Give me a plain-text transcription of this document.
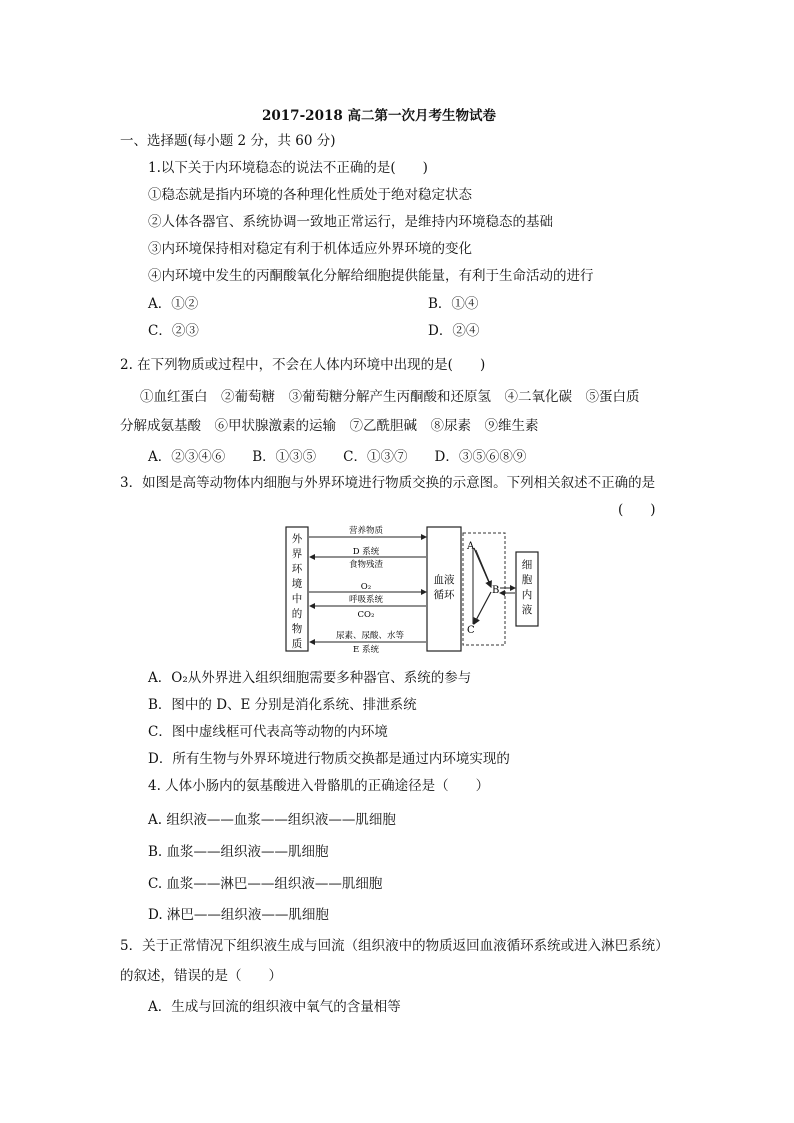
2017-2018 高二第一次月考生物试卷
一、选择题(每小题 2 分，共 60 分)
1.以下关于内环境稳态的说法不正确的是(　　)
①稳态就是指内环境的各种理化性质处于绝对稳定状态
②人体各器官、系统协调一致地正常运行，是维持内环境稳态的基础
③内环境保持相对稳定有利于机体适应外界环境的变化
④内环境中发生的丙酮酸氧化分解给细胞提供能量，有利于生命活动的进行
A．①②	B．①④
C．②③	D．②④
2. 在下列物质或过程中，不会在人体内环境中出现的是(　　)
①血红蛋白　②葡萄糖　③葡萄糖分解产生丙酮酸和还原氢　④二氧化碳　⑤蛋白质
分解成氨基酸　⑥甲状腺激素的运输　⑦乙酰胆碱　⑧尿素　⑨维生素
A．②③④⑥　　B．①③⑤　　C．①③⑦　　D．③⑤⑥⑧⑨
3．如图是高等动物体内细胞与外界环境进行物质交换的示意图。下列相关叙述不正确的是
(　　)
外
界
环
境
中
的
物
质
血液
循环
细
胞
内
液
A
B
C
营养物质
D 系统
食物残渣
O₂
呼吸系统
CO₂
尿素、尿酸、水等
E 系统
A．O₂从外界进入组织细胞需要多种器官、系统的参与
B．图中的 D、E 分别是消化系统、排泄系统
C．图中虚线框可代表高等动物的内环境
D．所有生物与外界环境进行物质交换都是通过内环境实现的
4. 人体小肠内的氨基酸进入骨骼肌的正确途径是（　　）
A. 组织液——血浆——组织液——肌细胞
B. 血浆——组织液——肌细胞
C. 血浆——淋巴——组织液——肌细胞
D. 淋巴——组织液——肌细胞
5．关于正常情况下组织液生成与回流（组织液中的物质返回血液循环系统或进入淋巴系统）
的叙述，错误的是（　　）
A．生成与回流的组织液中氧气的含量相等
